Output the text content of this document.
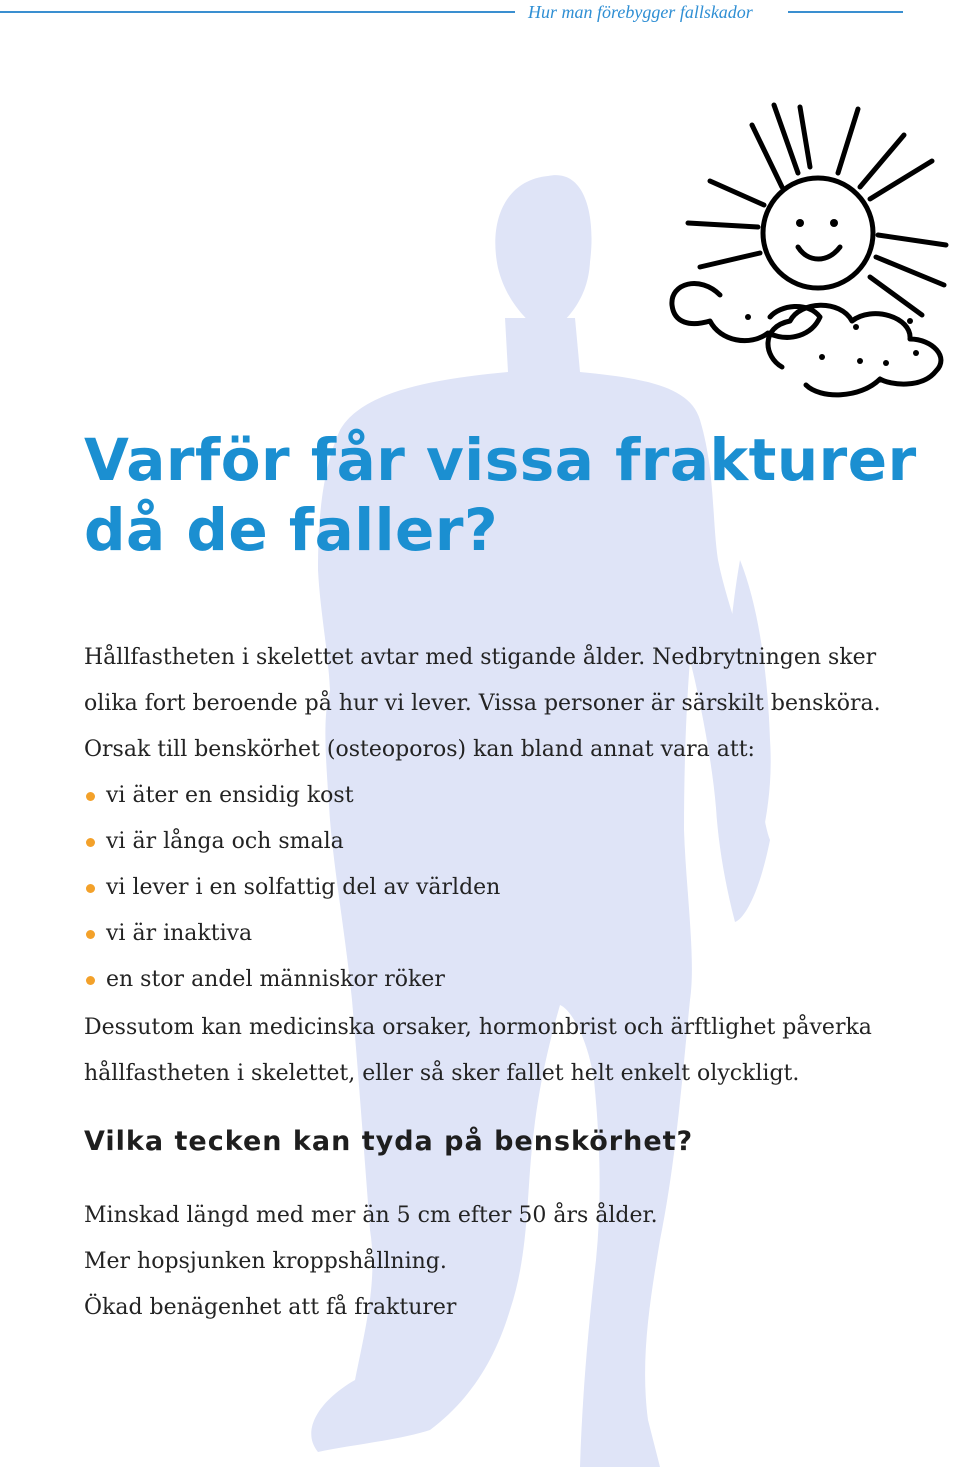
Hur man förebygger fallskador
Varför får vissa frakturer
då de faller?
Hållfastheten i skelettet avtar med stigande ålder. Nedbrytningen sker
olika fort beroende på hur vi lever. Vissa personer är särskilt bensköra.
Orsak till benskörhet (osteoporos) kan bland annat vara att:
vi äter en ensidig kost
vi är långa och smala
vi lever i en solfattig del av världen
vi är inaktiva
en stor andel människor röker
Dessutom kan medicinska orsaker, hormonbrist och ärftlighet påverka
hållfastheten i skelettet, eller så sker fallet helt enkelt olyckligt.
Vilka tecken kan tyda på benskörhet?
Minskad längd med mer än 5 cm efter 50 års ålder.
Mer hopsjunken kroppshållning.
Ökad benägenhet att få frakturer
